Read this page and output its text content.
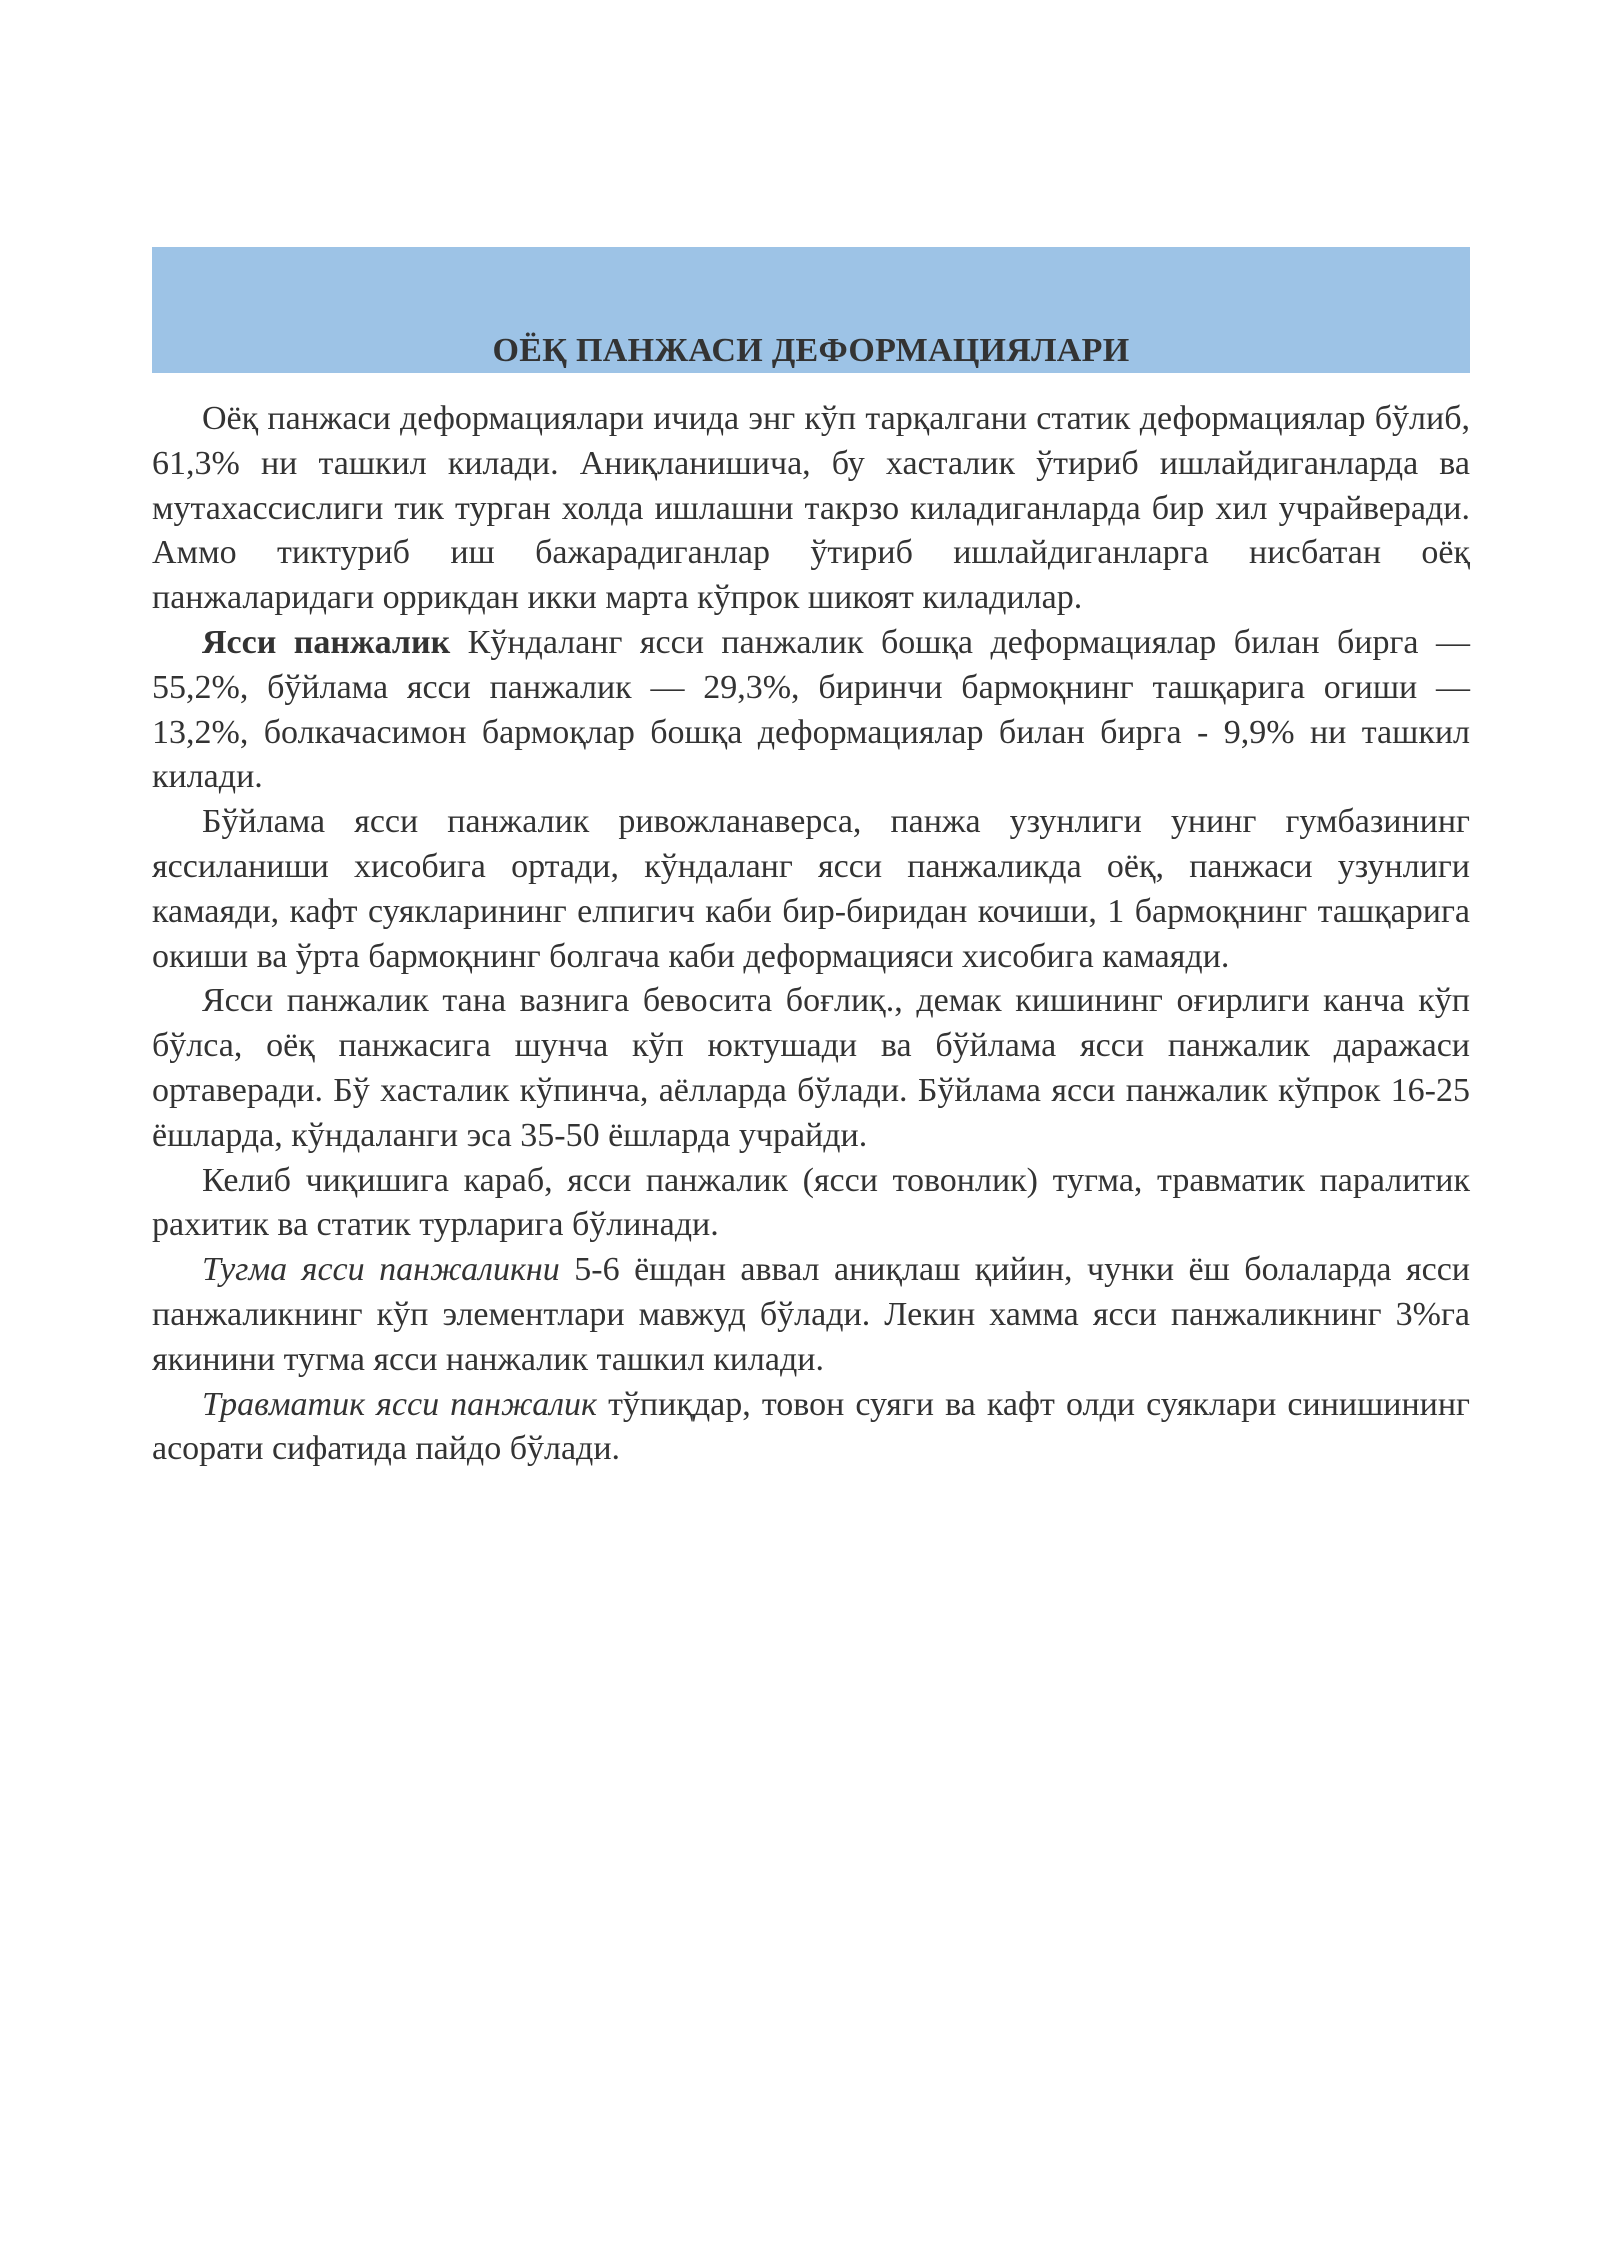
ОЁҚ ПАНЖАСИ ДЕФОРМАЦИЯЛАРИ

Оёқ панжаси деформациялари ичида энг кўп тарқалгани статик деформациялар бўлиб, 61,3% ни ташкил килади. Аниқланишича, бу хасталик ўтириб ишлайдиганларда ва мутахассислиги тик турган холда ишлашни такрзо киладиганларда бир хил учрайверади. Аммо тиктуриб иш бажарадиганлар ўтириб ишлайдиганларга нисбатан оёқ панжаларидаги оррикдан икки марта кўпрок шикоят киладилар.

Ясси панжалик Кўндаланг ясси панжалик бошқа деформациялар билан бирга — 55,2%, бўйлама ясси панжалик — 29,3%, биринчи бармоқнинг ташқарига огиши — 13,2%, болкачасимон бармоқлар бошқа деформациялар билан бирга - 9,9% ни ташкил килади.

Бўйлама ясси панжалик ривожланаверса, панжа узунлиги унинг гумбазининг яссиланиши хисобига ортади, кўндаланг ясси панжаликда оёқ, панжаси узунлиги камаяди, кафт суякларининг елпигич каби бир-биридан кочиши, 1 бармоқнинг ташқарига окиши ва ўрта бармоқнинг болгача каби деформацияси хисобига камаяди.

Ясси панжалик тана вазнига бевосита боғлиқ., демак кишининг оғирлиги канча кўп бўлса, оёқ панжасига шунча кўп юктушади ва бўйлама ясси панжалик даражаси ортаверади. Бў хасталик кўпинча, аёлларда бўлади. Бўйлама ясси панжалик кўпрок 16-25 ёшларда, кўндаланги эса 35-50 ёшларда учрайди.

Келиб чиқишига караб, ясси панжалик (ясси товонлик) тугма, травматик паралитик рахитик ва статик турларига бўлинади.

Тугма ясси панжаликни 5-6 ёшдан аввал аниқлаш қийин, чунки ёш болаларда ясси панжаликнинг кўп элементлари мавжуд бўлади. Лекин хамма ясси панжаликнинг 3%га якинини тугма ясси нанжалик ташкил килади.

Травматик ясси панжалик тўпиқдар, товон суяги ва кафт олди суяклари синишининг асорати сифатида пайдо бўлади.
